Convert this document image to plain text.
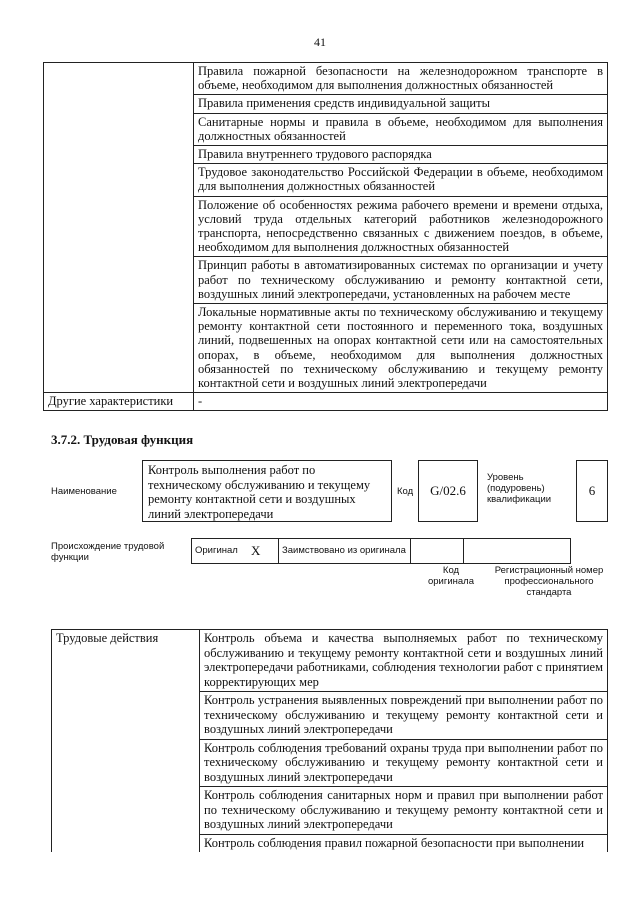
41
	Правила пожарной безопасности на железнодорожном транспорте в объеме, необходимом для выполнения должностных обязанностей
	Правила применения средств индивидуальной защиты
	Санитарные нормы и правила в объеме, необходимом для выполнения должностных обязанностей
	Правила внутреннего трудового распорядка
	Трудовое законодательство Российской Федерации в объеме, необходимом для выполнения должностных обязанностей
	Положение об особенностях режима рабочего времени и времени отдыха, условий труда отдельных категорий работников железнодорожного транспорта, непосредственно связанных с движением поездов, в объеме, необходимом для выполнения должностных обязанностей
	Принцип работы в автоматизированных системах по организации и учету работ по техническому обслуживанию и ремонту контактной сети, воздушных линий электропередачи, установленных на рабочем месте
	Локальные нормативные акты по техническому обслуживанию и текущему ремонту контактной сети постоянного и переменного тока, воздушных линий, подвешенных на опорах контактной сети или на самостоятельных опорах, в объеме, необходимом для выполнения должностных обязанностей по техническому обслуживанию и текущему ремонту контактной сети и воздушных линий электропередачи
Другие характеристики	-
3.7.2. Трудовая функция
Наименование
Контроль выполнения работ по техническому обслуживанию и текущему ремонту контактной сети и воздушных линий электропередачи
Код	G/02.6
Уровень (подуровень) квалификации
6
Происхождение трудовой функции
Оригинал	X	Заимствовано из оригинала		
Код оригинала
Регистрационный номер профессионального стандарта
Трудовые действия	Контроль объема и качества выполняемых работ по техническому обслуживанию и текущему ремонту контактной сети и воздушных линий электропередачи работниками, соблюдения технологии работ с принятием корректирующих мер
Контроль устранения выявленных повреждений при выполнении работ по техническому обслуживанию и текущему ремонту контактной сети и воздушных линий электропередачи
Контроль соблюдения требований охраны труда при выполнении работ по техническому обслуживанию и текущему ремонту контактной сети и воздушных линий электропередачи
Контроль соблюдения санитарных норм и правил при выполнении работ по техническому обслуживанию и текущему ремонту контактной сети и воздушных линий электропередачи
Контроль соблюдения правил пожарной безопасности при выполнении
